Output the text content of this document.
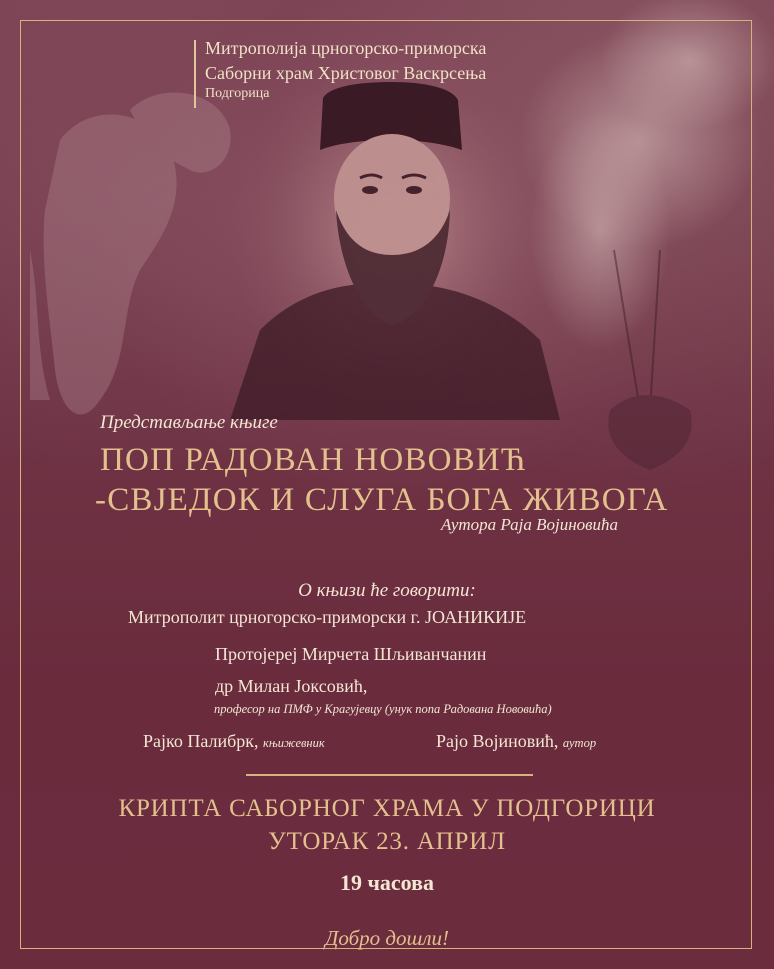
Митрополија црногорско-приморска
Саборни храм Христовог Васкрсења
Подгорица
Представљање књиге
ПОП РАДОВАН НОВОВИЋ
-СВЈЕДОК И СЛУГА БОГА ЖИВОГА
Аутора Раја Војиновића
О књизи ће говорити:
Митрополит црногорско-приморски г. ЈОАНИКИЈЕ
Протојереј Мирчета Шљиванчанин
др Милан Јоксовић,
професор на ПМФ у Крагујевцу (унук попа Радована Нововића)
Рајко Палибрк, књижевник	Рајо Војиновић, аутор
КРИПТА САБОРНОГ ХРАМА У ПОДГОРИЦИ
УТОРАК 23. АПРИЛ
19 часова
Добро дошли!
